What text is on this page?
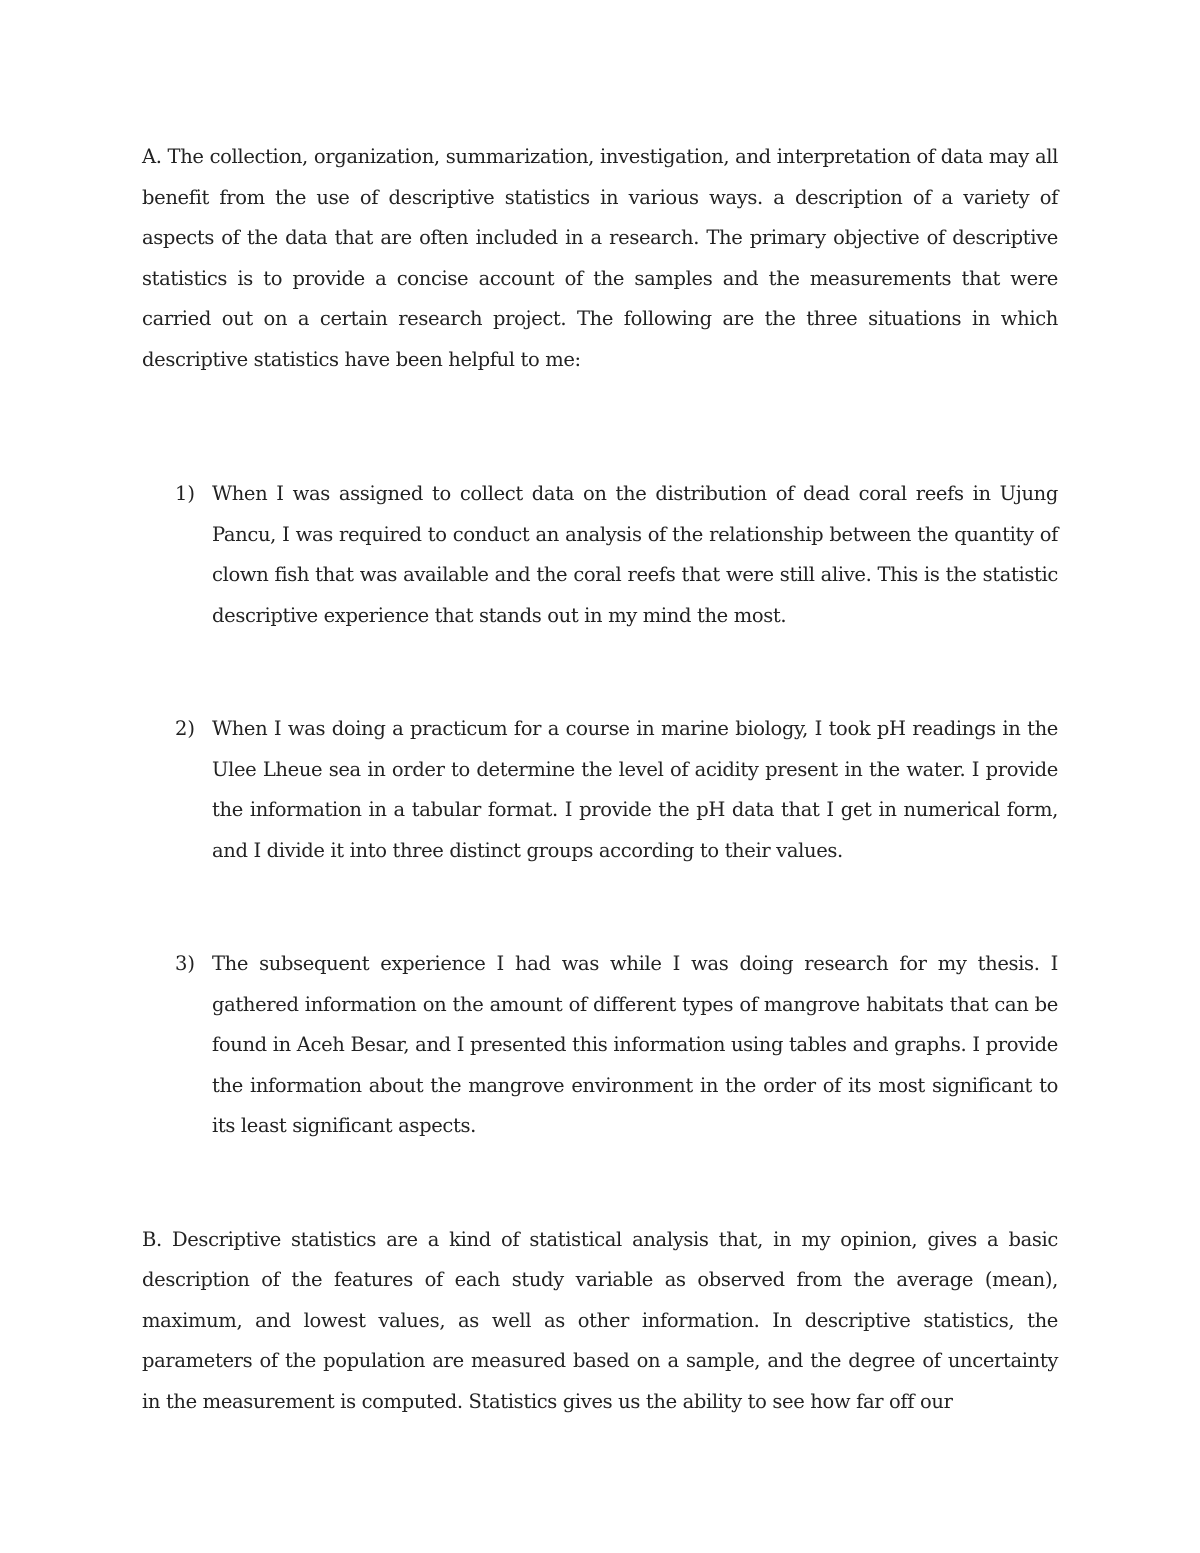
A. The collection, organization, summarization, investigation, and interpretation of data may all benefit from the use of descriptive statistics in various ways. a description of a variety of aspects of the data that are often included in a research. The primary objective of descriptive statistics is to provide a concise account of the samples and the measurements that were carried out on a certain research project. The following are the three situations in which descriptive statistics have been helpful to me:

1) When I was assigned to collect data on the distribution of dead coral reefs in Ujung Pancu, I was required to conduct an analysis of the relationship between the quantity of clown fish that was available and the coral reefs that were still alive. This is the statistic descriptive experience that stands out in my mind the most.

2) When I was doing a practicum for a course in marine biology, I took pH readings in the Ulee Lheue sea in order to determine the level of acidity present in the water. I provide the information in a tabular format. I provide the pH data that I get in numerical form, and I divide it into three distinct groups according to their values.

3) The subsequent experience I had was while I was doing research for my thesis. I gathered information on the amount of different types of mangrove habitats that can be found in Aceh Besar, and I presented this information using tables and graphs. I provide the information about the mangrove environment in the order of its most significant to its least significant aspects.

B. Descriptive statistics are a kind of statistical analysis that, in my opinion, gives a basic description of the features of each study variable as observed from the average (mean), maximum, and lowest values, as well as other information. In descriptive statistics, the parameters of the population are measured based on a sample, and the degree of uncertainty in the measurement is computed. Statistics gives us the ability to see how far off our
